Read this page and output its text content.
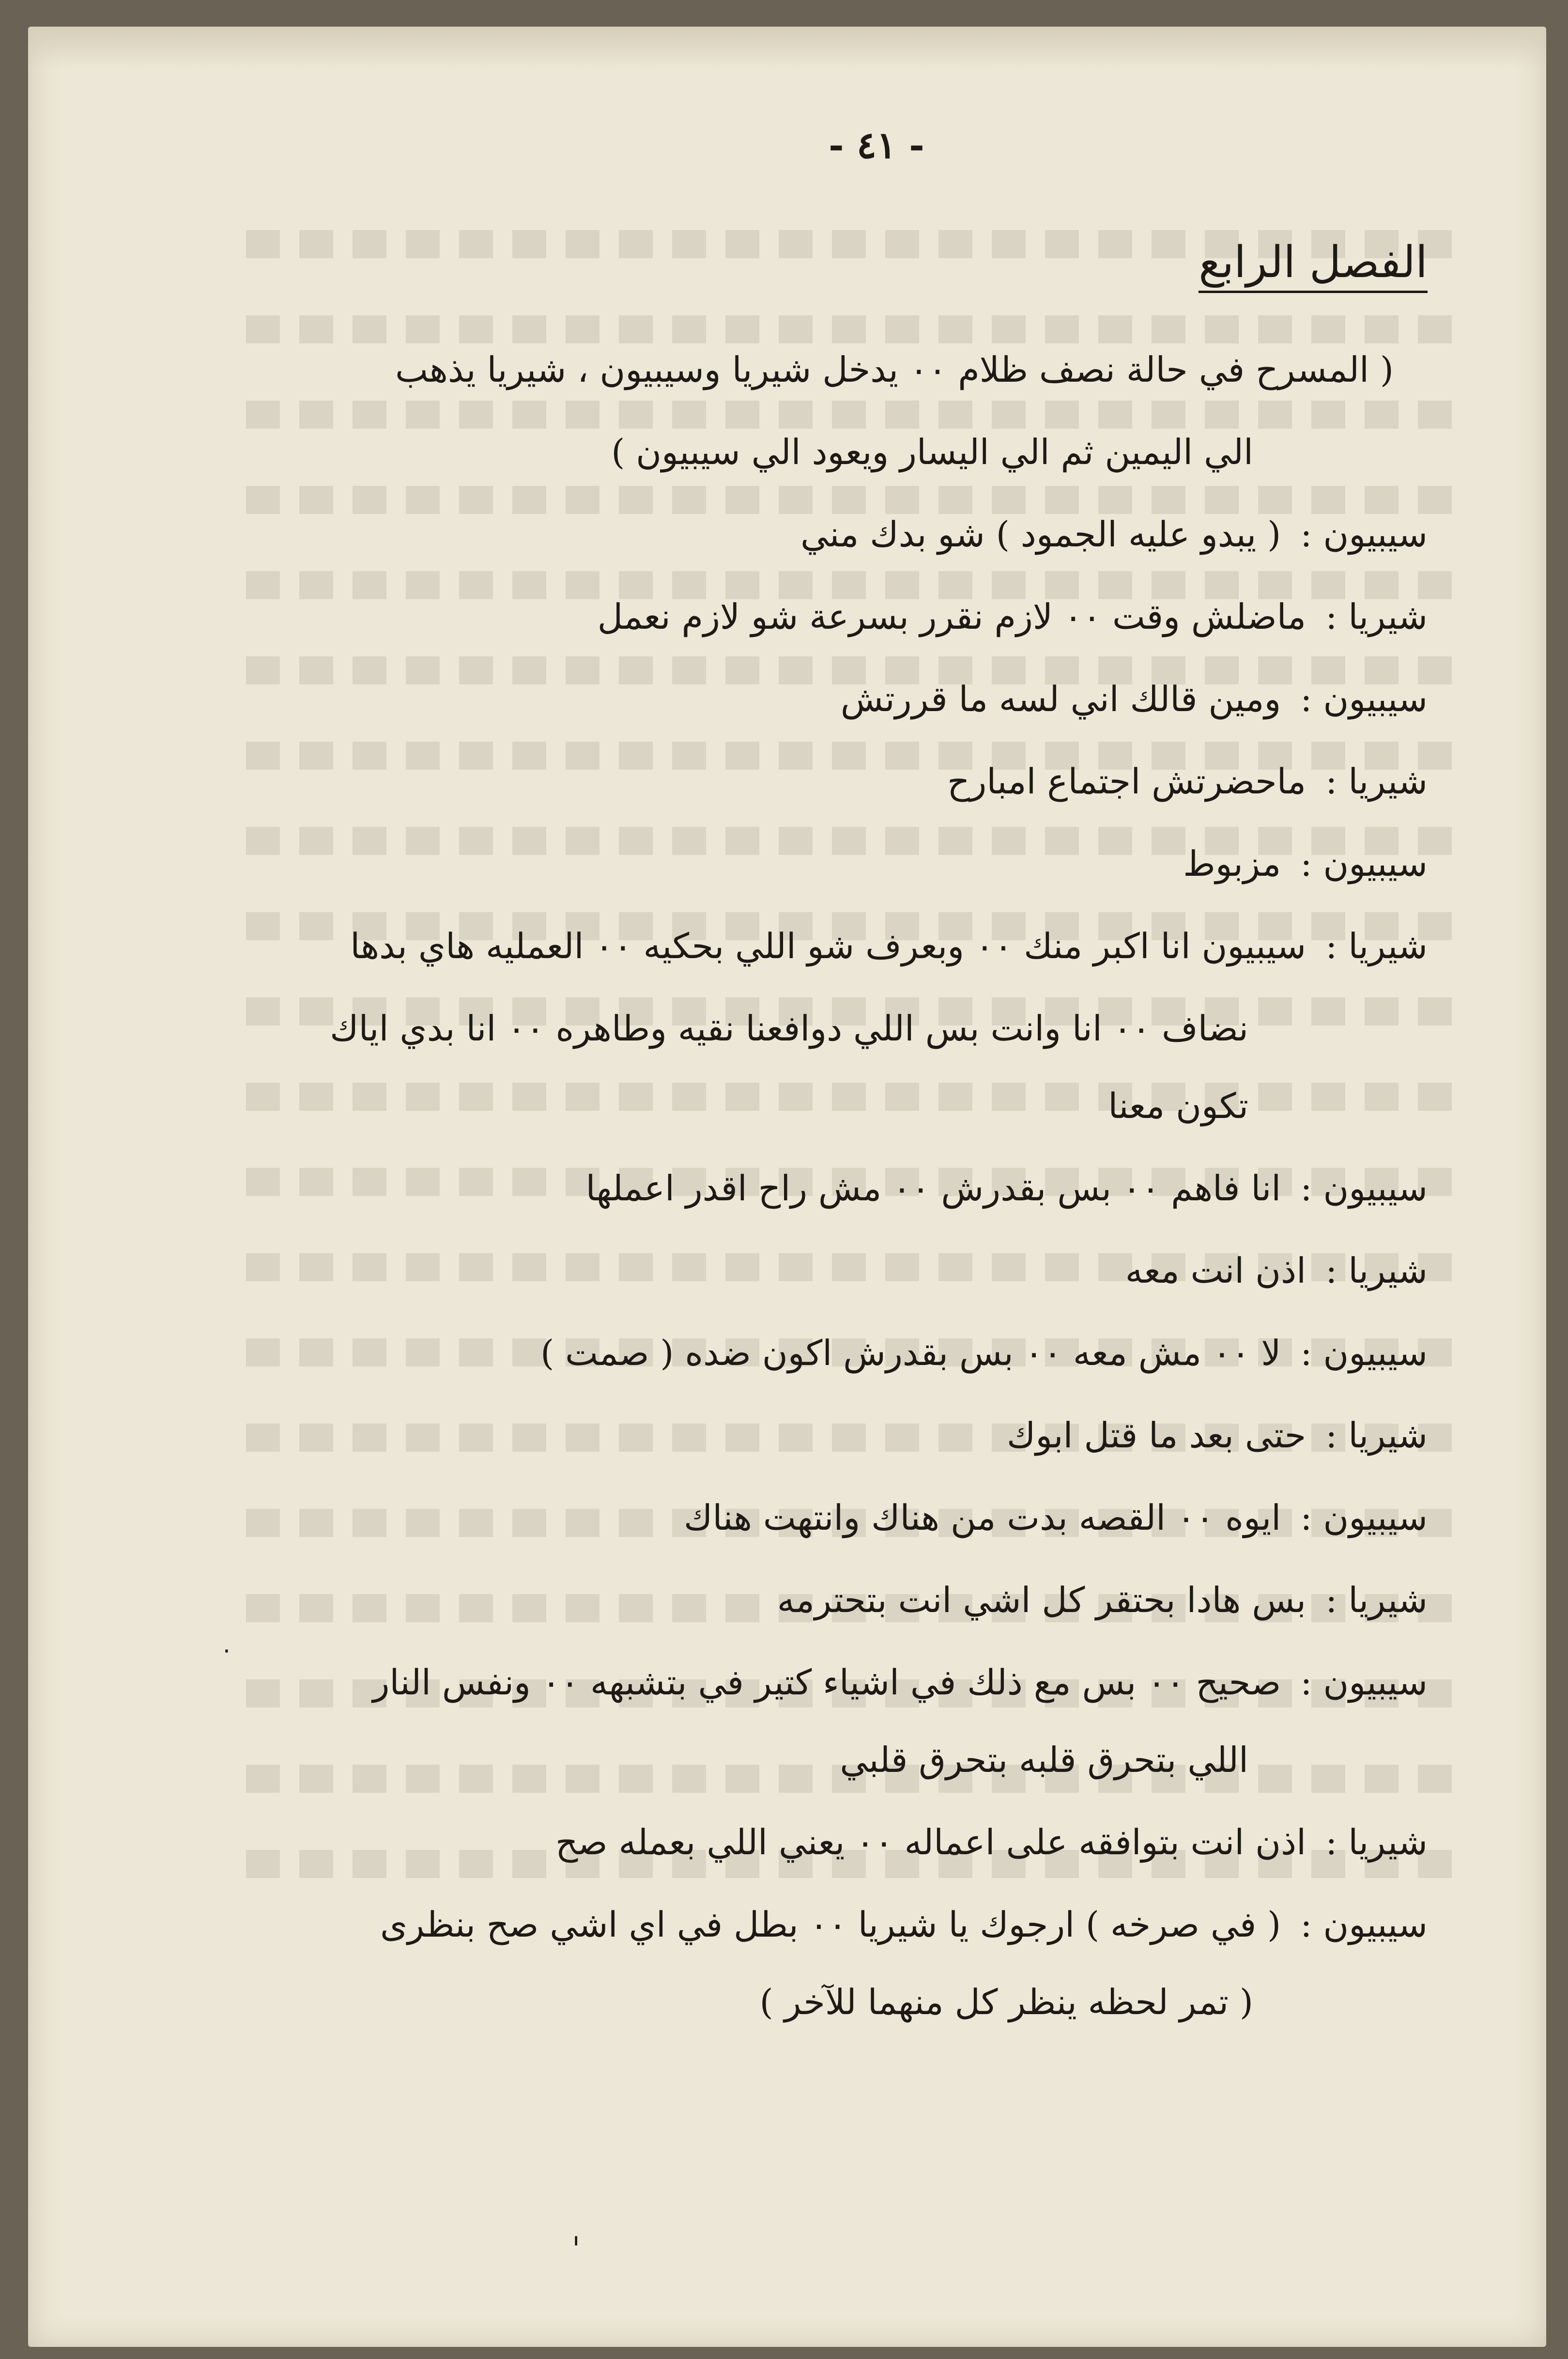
- ٤١ -
الفصل الرابع
( المسرح في حالة نصف ظلام ٠٠ يدخل شيريا وسيبيون ، شيريا يذهب
الي اليمين ثم الي اليسار ويعود الي سيبيون )
سيبيون :( يبدو عليه الجمود ) شو بدك مني
شيريا :ماضلش وقت ٠٠ لازم نقرر بسرعة شو لازم نعمل
سيبيون :ومين قالك اني لسه ما قررتش
شيريا :ماحضرتش اجتماع امبارح
سيبيون :مزبوط
شيريا :سيبيون انا اكبر منك ٠٠ وبعرف شو اللي بحكيه ٠٠ العمليه هاي بدها
نضاف ٠٠ انا وانت بس اللي دوافعنا نقيه وطاهره ٠٠ انا بدي اياك
تكون معنا
سيبيون :انا فاهم ٠٠ بس بقدرش ٠٠ مش راح اقدر اعملها
شيريا :اذن انت معه
سيبيون :لا ٠٠ مش معه ٠٠ بس بقدرش اكون ضده ( صمت )
شيريا :حتى بعد ما قتل ابوك
سيبيون :ايوه ٠٠ القصه بدت من هناك وانتهت هناك
شيريا :بس هادا بحتقر كل اشي انت بتحترمه
سيبيون :صحيح ٠٠ بس مع ذلك في اشياء كتير في بتشبهه ٠٠ ونفس النار
اللي بتحرق قلبه بتحرق قلبي
شيريا :اذن انت بتوافقه على اعماله ٠٠ يعني اللي بعمله صح
سيبيون :( في صرخه ) ارجوك يا شيريا ٠٠ بطل في اي اشي صح بنظرى
( تمر لحظه ينظر كل منهما للآخر )
ˌ
·
